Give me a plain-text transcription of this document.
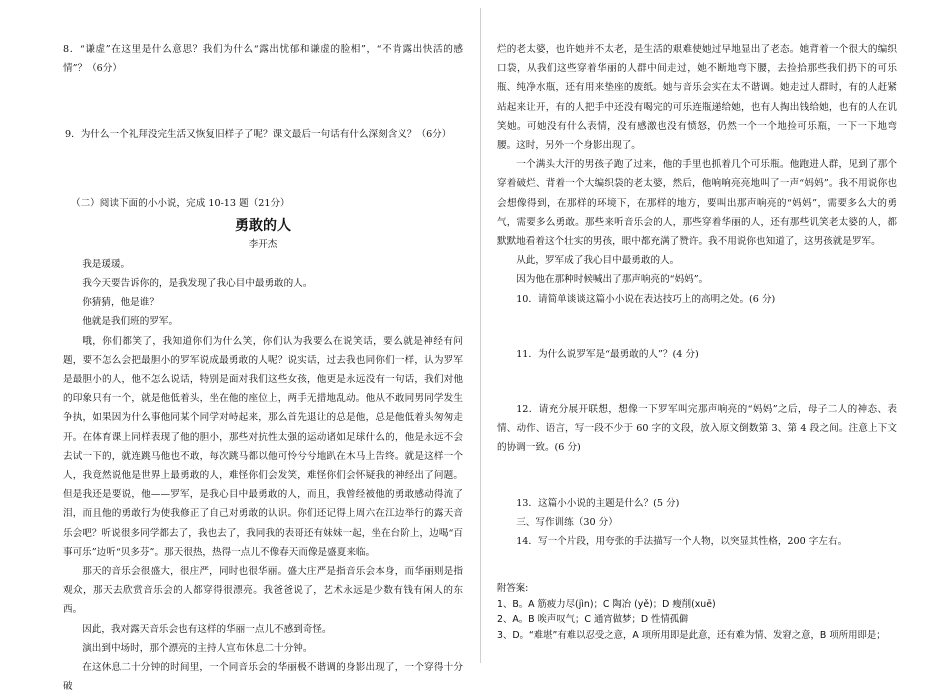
8．“谦虚”在这里是什么意思？我们为什么“露出忧郁和谦虚的脸相”，“不肯露出快活的感情”？（6分）

9．为什么一个礼拜没完生活又恢复旧样子了呢？课文最后一句话有什么深刻含义？（6分）

（二）阅读下面的小小说，完成 10-13 题（21分）

勇敢的人

李开杰

我是瑗瑗。

我今天要告诉你的，是我发现了我心目中最勇敢的人。

你猜猜，他是谁？

他就是我们班的罗军。

哦，你们都笑了，我知道你们为什么笑，你们认为我要么在说笑话，要么就是神经有问题，要不怎么会把最胆小的罗军说成最勇敢的人呢？说实话，过去我也同你们一样，认为罗军是最胆小的人，他不怎么说话，特别是面对我们这些女孩，他更是永远没有一句话，我们对他的印象只有一个，就是他低着头，坐在他的座位上，两手无措地乱动。他从不敢同男同学发生争执，如果因为什么事他同某个同学对峙起来，那么首先退让的总是他，总是他低着头匆匆走开。在体育课上同样表现了他的胆小，那些对抗性太强的运动诸如足球什么的，他是永远不会去试一下的，就连跳马他也不敢，每次跳马都以他可怜兮兮地趴在木马上告终。就是这样一个人，我竟然说他是世界上最勇敢的人，难怪你们会发笑，难怪你们会怀疑我的神经出了问题。但是我还是要说，他——罗军，是我心目中最勇敢的人，而且，我曾经被他的勇敢感动得流了泪，而且他的勇敢行为使我修正了自己对勇敢的认识。你们还记得上周六在江边举行的露天音乐会吧？听说很多同学都去了，我也去了，我同我的表哥还有妹妹一起，坐在台阶上，边喝“百事可乐”边听“贝多芬”。那天很热，热得一点儿不像春天而像是盛夏来临。

那天的音乐会很盛大，很庄严，同时也很华丽。盛大庄严是指音乐会本身，而华丽则是指观众，那天去欣赏音乐会的人都穿得很漂亮。我爸爸说了，艺术永远是少数有钱有闲人的东西。

因此，我对露天音乐会也有这样的华丽一点儿不感到奇怪。

演出到中场时，那个漂亮的主持人宣布休息二十分钟。

在这休息二十分钟的时间里，一个同音乐会的华丽极不谐调的身影出现了，一个穿得十分破

烂的老太婆，也许她并不太老，是生活的艰难使她过早地显出了老态。她背着一个很大的编织口袋，从我们这些穿着华丽的人群中间走过，她不断地弯下腰，去捡拾那些我们扔下的可乐瓶、纯净水瓶，还有用来垫座的废纸。她与音乐会实在太不谐调。她走过人群时，有的人赶紧站起来让开，有的人把手中还没有喝完的可乐连瓶递给她，也有人掏出钱给她，也有的人在讥笑她。可她没有什么表情，没有感激也没有愤怒，仍然一个一个地捡可乐瓶，一下一下地弯腰。这时，另外一个身影出现了。

一个满头大汗的男孩子跑了过来，他的手里也抓着几个可乐瓶。他跑进人群，见到了那个穿着破烂、背着一个大编织袋的老太婆，然后，他响响亮亮地叫了一声“妈妈”。我不用说你也会想像得到，在那样的环境下，在那样的地方，要叫出那声响亮的“妈妈”，需要多么大的勇气，需要多么勇敢。那些来听音乐会的人，那些穿着华丽的人，还有那些讥笑老太婆的人，都默默地看着这个壮实的男孩，眼中都充满了赞许。我不用说你也知道了，这男孩就是罗军。

从此，罗军成了我心目中最勇敢的人。

因为他在那种时候喊出了那声响亮的“妈妈”。

10．请简单谈谈这篇小小说在表达技巧上的高明之处。(6 分)

11．为什么说罗军是“最勇敢的人”？(4 分)

12．请充分展开联想，想像一下罗军叫完那声响亮的“妈妈”之后，母子二人的神态、表情、动作、语言，写一段不少于 60 字的文段，放入原文倒数第 3、第 4 段之间。注意上下文的协调一致。(6 分)

13．这篇小小说的主题是什么？(5 分)

三、写作训练（30 分）

14．写一个片段，用夸张的手法描写一个人物，以突显其性格，200 字左右。

附答案:

1、B。A 筋疲力尽(jìn)；C 陶冶 (yě)；D 瘦削(xuē)

2、A。B 唉声叹气；C 通宵做梦；D 性情孤僻

3、D。“难堪”有难以忍受之意，A 项所用即是此意，还有难为情、发窘之意，B 项所用即是；
